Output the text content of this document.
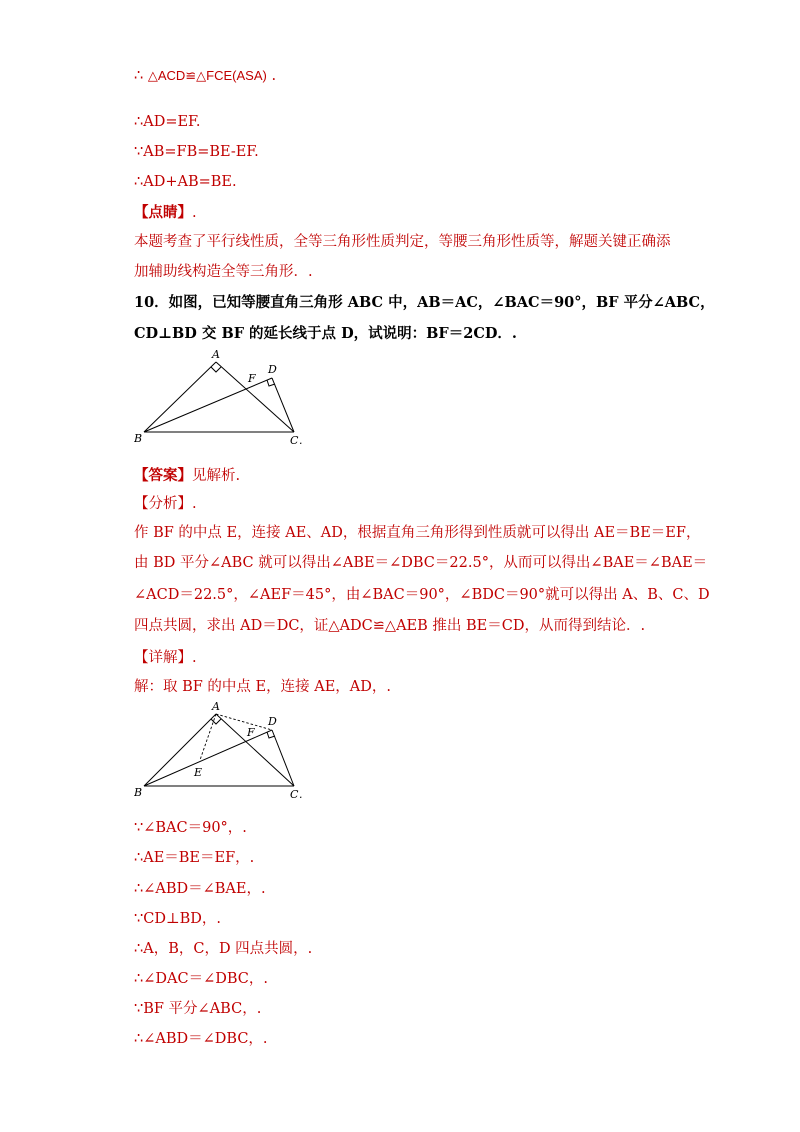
∴ △ACD≌△FCE(ASA) .
∴AD=EF.
∵AB=FB=BE-EF.
∴AD+AB=BE.
【点睛】.
本题考查了平行线性质，全等三角形性质判定，等腰三角形性质等，解题关键正确添
加辅助线构造全等三角形．.
10．如图，已知等腰直角三角形 ABC 中，AB＝AC，∠BAC＝90°，BF 平分∠ABC，
CD⊥BD 交 BF 的延长线于点 D，试说明：BF＝2CD．.
A
B	C
D
F
.
【答案】见解析.
【分析】.
作 BF 的中点 E，连接 AE、AD，根据直角三角形得到性质就可以得出 AE＝BE＝EF，
由 BD 平分∠ABC 就可以得出∠ABE＝∠DBC＝22.5°，从而可以得出∠BAE＝∠BAE＝
∠ACD＝22.5°，∠AEF＝45°，由∠BAC＝90°，∠BDC＝90°就可以得出 A、B、C、D
四点共圆，求出 AD＝DC，证△ADC≌△AEB 推出 BE＝CD，从而得到结论．.
【详解】.
解：取 BF 的中点 E，连接 AE，AD，.
A
B	C
D
F
E
.
∵∠BAC＝90°，.
∴AE＝BE＝EF，.
∴∠ABD＝∠BAE，.
∵CD⊥BD，.
∴A，B，C，D 四点共圆，.
∴∠DAC＝∠DBC，.
∵BF 平分∠ABC，.
∴∠ABD＝∠DBC，.
